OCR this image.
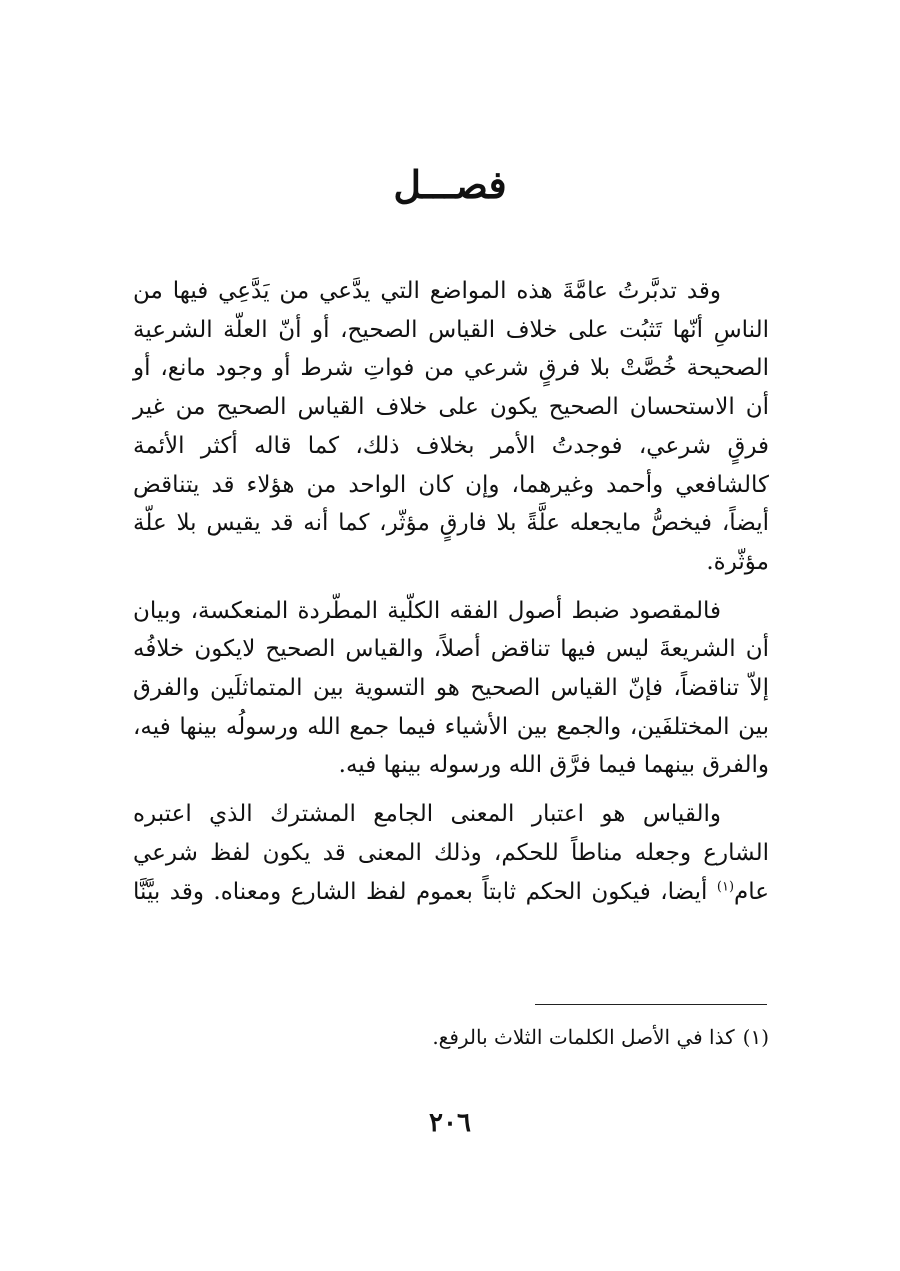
فصـــل

وقد تدبَّرتُ عامَّةَ هذه المواضع التي يدَّعي من يَدَّعِي فيها من الناسِ أنّها تَثبُت على خلاف القياس الصحيح، أو أنّ العلّة الشرعية الصحيحة خُصَّتْ بلا فرقٍ شرعي من فواتِ شرط أو وجود مانع، أو أن الاستحسان الصحيح يكون على خلاف القياس الصحيح من غير فرقٍ شرعي، فوجدتُ الأمر بخلاف ذلك، كما قاله أكثر الأئمة كالشافعي وأحمد وغيرهما، وإن كان الواحد من هؤلاء قد يتناقض أيضاً، فيخصُّ مايجعله علَّةً بلا فارقٍ مؤثّر، كما أنه قد يقيس بلا علّة مؤثّرة.

فالمقصود ضبط أصول الفقه الكلّية المطّردة المنعكسة، وبيان أن الشريعةَ ليس فيها تناقض أصلاً، والقياس الصحيح لايكون خلافُه إلاّ تناقضاً، فإنّ القياس الصحيح هو التسوية بين المتماثلَين والفرق بين المختلفَين، والجمع بين الأشياء فيما جمع الله ورسولُه بينها فيه، والفرق بينهما فيما فرَّق الله ورسوله بينها فيه.

والقياس هو اعتبار المعنى الجامع المشترك الذي اعتبره الشارع وجعله مناطاً للحكم، وذلك المعنى قد يكون لفظ شرعي عام$^{(١)}$ أيضا، فيكون الحكم ثابتاً بعموم لفظ الشارع ومعناه. وقد بيَّنَّا

(١)كذا في الأصل الكلمات الثلاث بالرفع.

٢٠٦
